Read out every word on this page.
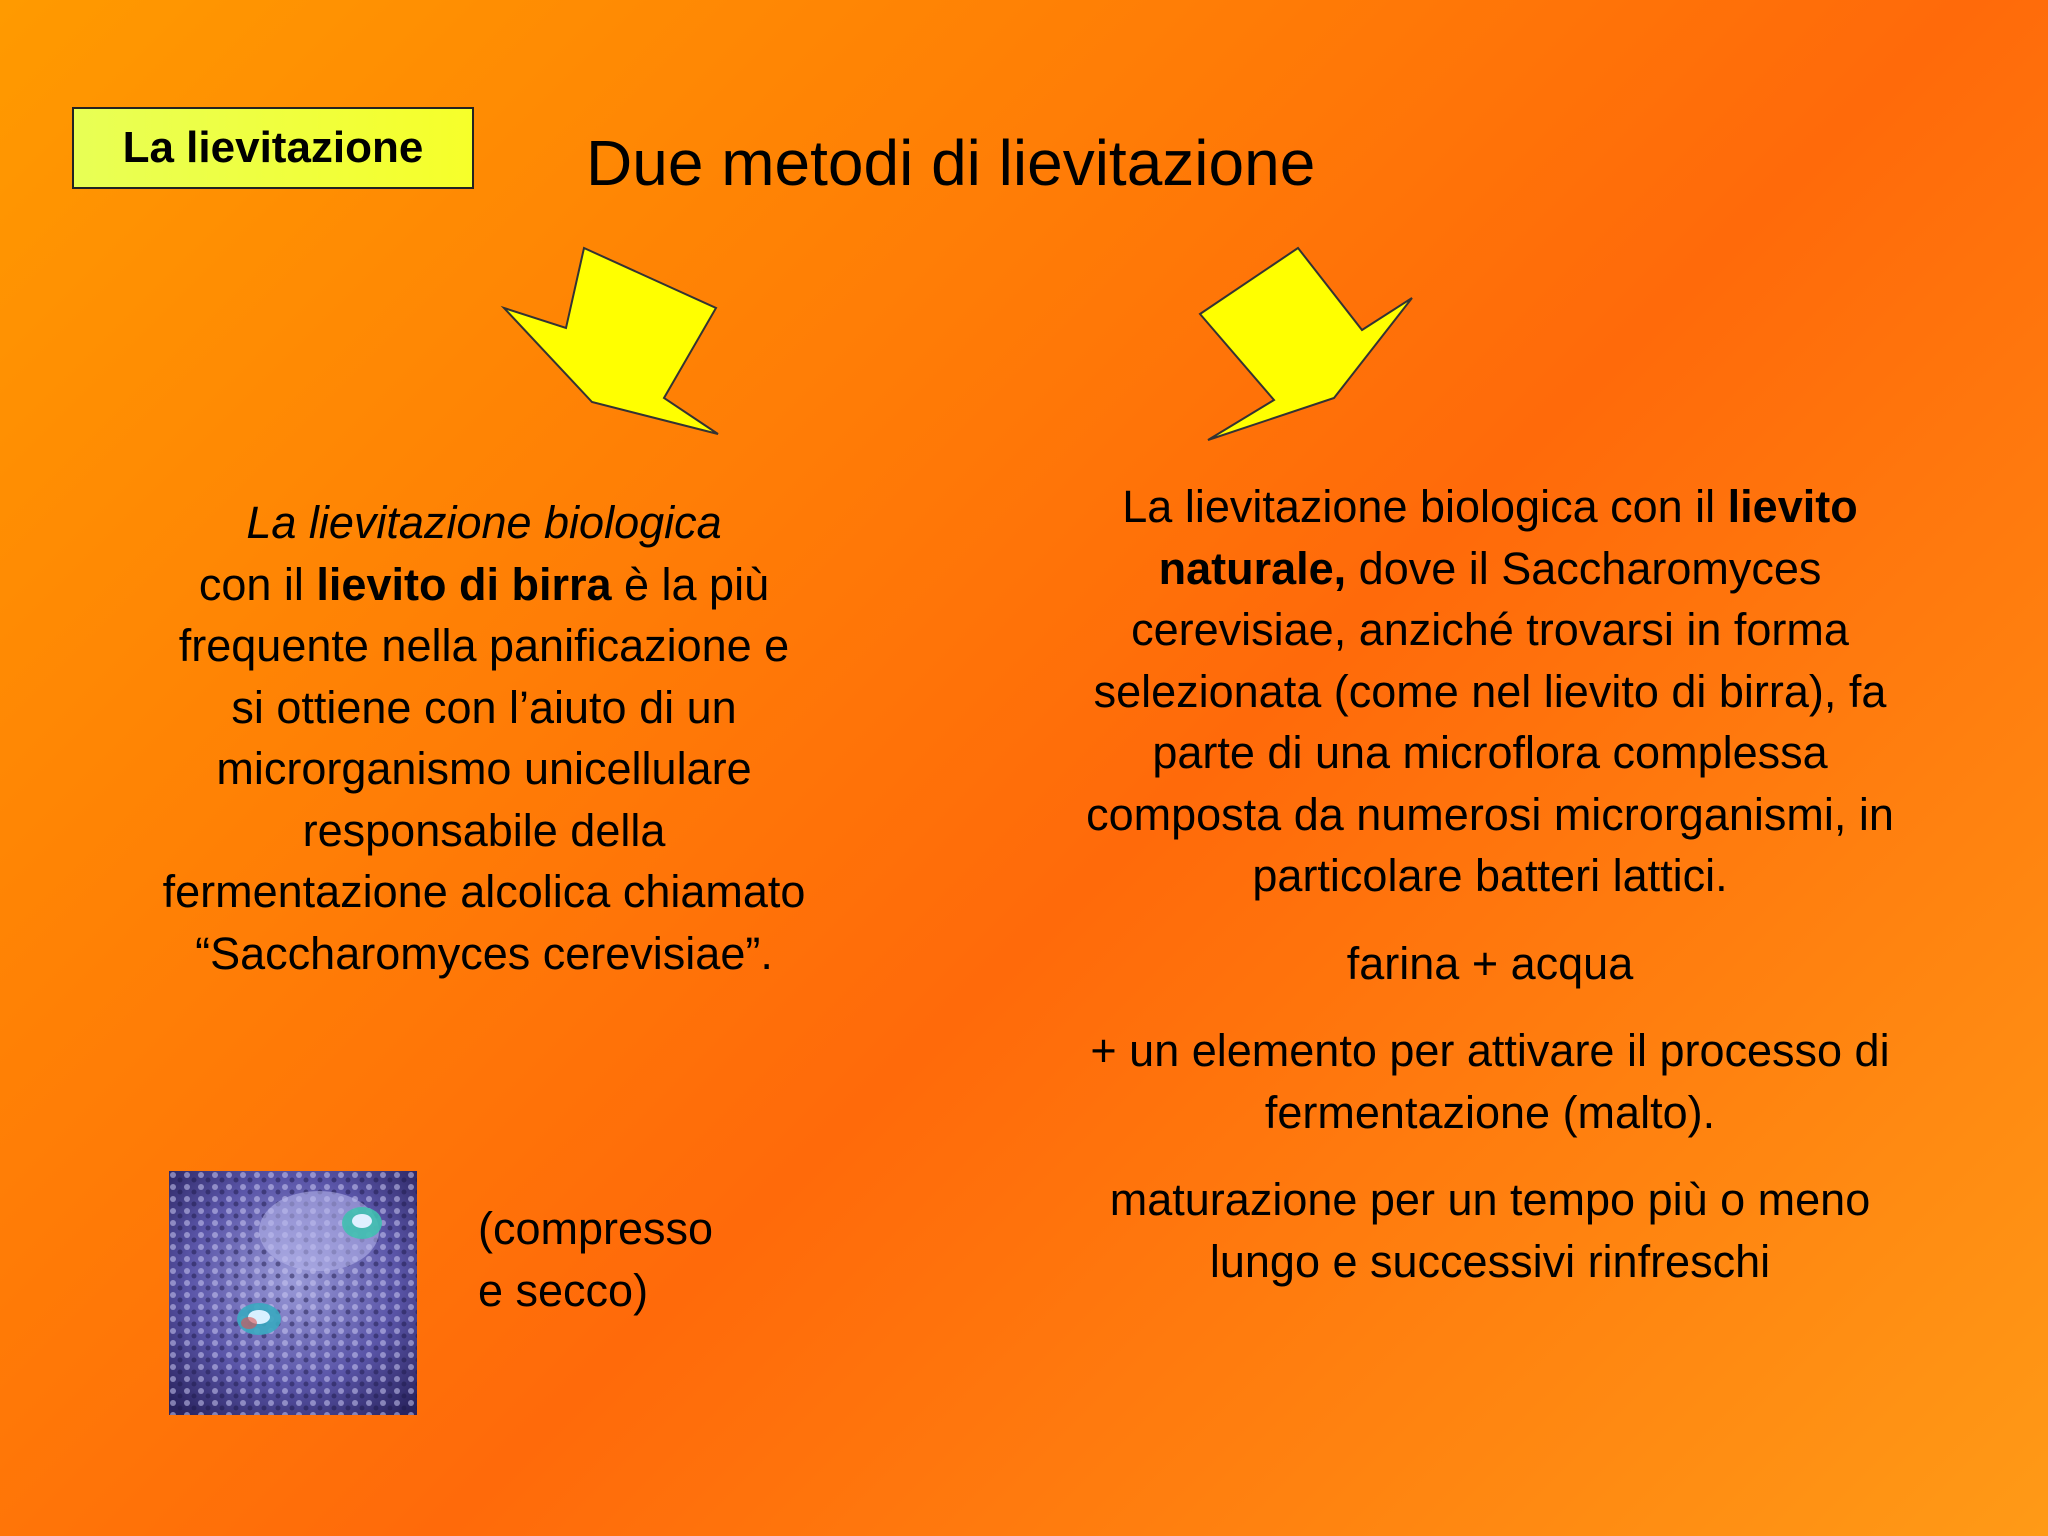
La lievitazione	Due metodi di lievitazione

La lievitazione biologica
con il lievito di birra è la più frequente nella panificazione e si ottiene con l’aiuto di un microrganismo unicellulare responsabile della fermentazione alcolica chiamato “Saccharomyces cerevisiae”.

(compresso
e secco)

La lievitazione biologica con il lievito naturale, dove il Saccharomyces cerevisiae, anziché trovarsi in forma selezionata (come nel lievito di birra), fa parte di una microflora complessa composta da numerosi microrganismi, in particolare batteri lattici.

farina + acqua

+ un elemento per attivare il processo di fermentazione (malto).

maturazione per un tempo più o meno lungo e successivi rinfreschi
